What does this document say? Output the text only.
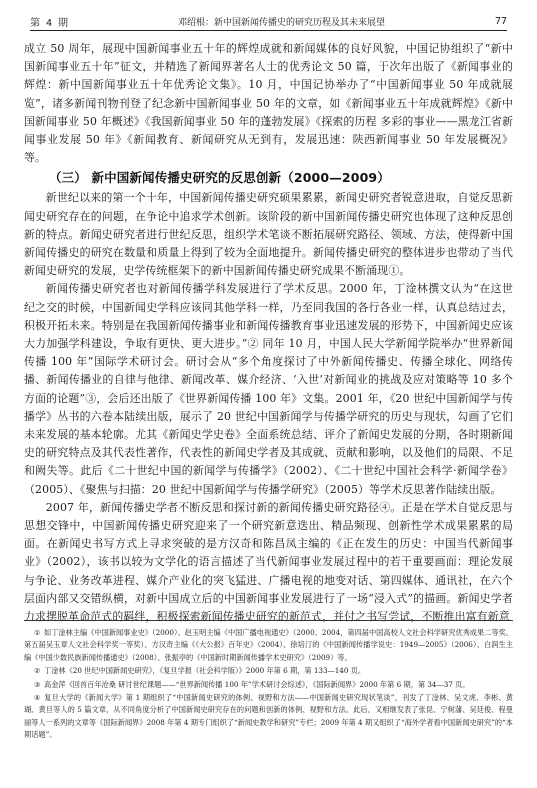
第 4 期	邓绍根：新中国新闻传播史的研究历程及其未来展望	77

成立 50 周年，展现中国新闻事业五十年的辉煌成就和新闻媒体的良好风貌，中国记协组织了“新中国新闻事业五十年”征文，并精选了新闻界著名人士的优秀论文 50 篇，于次年出版了《新闻事业的辉煌：新中国新闻事业五十年优秀论文集》。10 月，中国记协举办了“中国新闻事业 50 年成就展览”，诸多新闻刊物刊登了纪念新中国新闻事业 50 年的文章，如《新闻事业五十年成就辉煌》《新中国新闻事业 50 年概述》《我国新闻事业 50 年的蓬勃发展》《探索的历程 多彩的事业——黑龙江省新闻事业发展 50 年》《新闻教育、新闻研究从无到有，发展迅速：陕西新闻事业 50 年发展概况》等。

（三） 新中国新闻传播史研究的反思创新（2000—2009）

新世纪以来的第一个十年，中国新闻传播史研究硕果累累，新闻史研究者锐意进取，自觉反思新闻史研究存在的问题，在争论中追求学术创新。该阶段的新中国新闻传播史研究也体现了这种反思创新的特点。新闻史研究者进行世纪反思，组织学术笔谈不断拓展研究路径、领域、方法，使得新中国新闻传播史的研究在数量和质量上得到了较为全面地提升。新闻传播史研究的整体进步也带动了当代新闻史研究的发展，史学传统框架下的新中国新闻传播史研究成果不断涌现①。

新闻传播史研究者也对新闻传播学科发展进行了学术反思。2000 年，丁淦林撰文认为“在这世纪之交的时候，中国新闻史学科应该同其他学科一样，乃至同我国的各行各业一样，认真总结过去，积极开拓未来。特别是在我国新闻传播事业和新闻传播教育事业迅速发展的形势下，中国新闻史应该大力加强学科建设，争取有更快、更大进步。”② 同年 10 月，中国人民大学新闻学院举办“世界新闻传播 100 年”国际学术研讨会。研讨会从“多个角度探讨了中外新闻传播史、传播全球化、网络传播、新闻传播业的自律与他律、新闻改革、媒介经济、‘入世’对新闻业的挑战及应对策略等 10 多个方面的论题”③，会后还出版了《世界新闻传播 100 年》文集。2001 年，《20 世纪中国新闻学与传播学》丛书的六卷本陆续出版，展示了 20 世纪中国新闻学与传播学研究的历史与现状，勾画了它们未来发展的基本轮廓。尤其《新闻史学史卷》全面系统总结、评介了新闻史发展的分期，各时期新闻史的研究特点及其代表性著作，代表性的新闻史学者及其成就、贡献和影响，以及他们的局限、不足和阙失等。此后《二十世纪中国的新闻学与传播学》（2002）、《二十世纪中国社会科学·新闻学卷》（2005）、《聚焦与扫描：20 世纪中国新闻学与传播学研究》（2005）等学术反思著作陆续出版。

2007 年，新闻传播史学者不断反思和探讨新的新闻传播史研究路径④。正是在学术自觉反思与思想交锋中，中国新闻传播史研究迎来了一个研究新意迭出、精品频现、创新性学术成果累累的局面。在新闻史书写方式上寻求突破的是方汉奇和陈昌凤主编的《正在发生的历史：中国当代新闻事业》（2002），该书以较为文学化的语言描述了当代新闻事业发展过程中的若干重要画面：理论发展与争论、业务改革进程、媒介产业化的突飞猛进、广播电视的地变对话、第四媒体、通讯社，在六个层面内部又交错纵横，对新中国成立后的中国新闻事业发展进行了一场“浸入式”的描画。新闻史学者力求摆脱革命范式的羁绊，积极探索新闻传播史研究的新范式，并付之书写尝试，不断推出富有新意

① 如丁淦林主编《中国新闻事业史》（2000）、赵玉明主编《中国广播电视通史》（2000、2004，第四届中国高校人文社会科学研究优秀成果二等奖、第五届吴玉章人文社会科学奖一等奖）、方汉奇主编《《大公报》百年史》（2004）、徐培汀的《中国新闻传播学说史：1949—2005》（2006）、白润生主编《中国少数民族新闻传播通史》（2008）、张振亭的《中国新时期新闻传播学术史研究》（2009）等。

② 丁淦林《20 世纪中国新闻史研究》，《复旦学报（社会科学版）》2000 年第 6 期，第 133—140 页。

③ 高金萍《回首百年沧桑 研讨世纪课题——“世界新闻传播 100 年”学术研讨会综述》，《国际新闻界》2000 年第 6 期，第 34—37 页。

④ 复旦大学的《新闻大学》第 1 期组织了“中国新闻史研究的体例、视野和方法——中国新闻史研究现状笔谈”，刊发了丁淦林、吴文虎、李彬、黄瑚、黄旦等人的 5 篇文章，从不同角度分析了中国新闻史研究存在的问题和创新的体例、视野和方法。此后，又相继发表了张昆、宁树藩、吴廷俊、程曼丽等人一系列的文章等《国际新闻界》2008 年第 4 期专门组织了“新闻史教学和研究”专栏；2009 年第 4 期又组织了“海外学者看中国新闻史研究”的“本期话题”。
